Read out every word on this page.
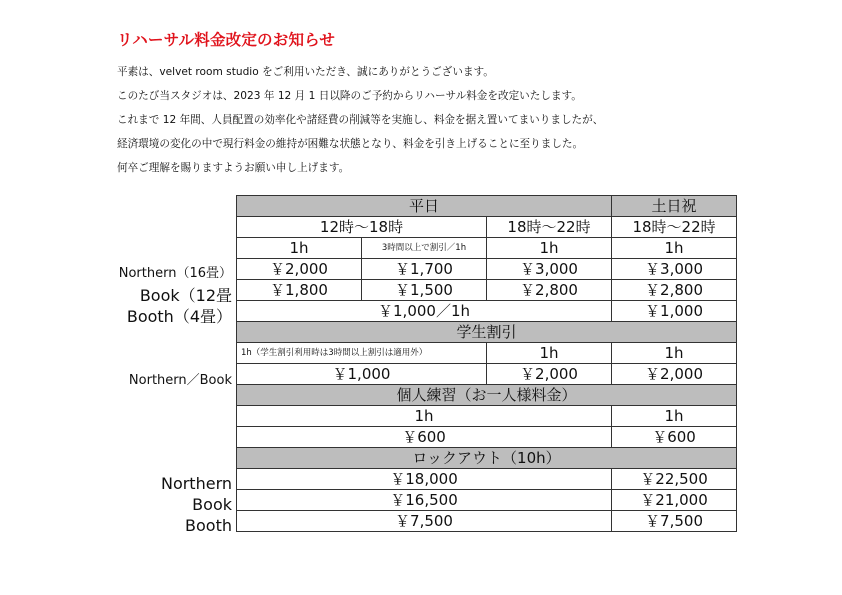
リハーサル料金改定のお知らせ
平素は、velvet room studio をご利用いただき、誠にありがとうございます。
このたび当スタジオは、2023 年 12 月 1 日以降のご予約からリハーサル料金を改定いたします。
これまで 12 年間、人員配置の効率化や諸経費の削減等を実施し、料金を据え置いてまいりましたが、
経済環境の変化の中で現行料金の維持が困難な状態となり、料金を引き上げることに至りました。
何卒ご理解を賜りますようお願い申し上げます。
Northern（16畳）
Book（12畳
Booth（4畳）
Northern／Book
Northern
Book
Booth
平日			土日祝
12時〜18時		18時〜22時	18時〜22時
1h	3時間以上で割引／1h	1h	1h
￥2,000	￥1,700	￥3,000	￥3,000
￥1,800	￥1,500	￥2,800	￥2,800
￥1,000／1h			￥1,000
学生割引			
1h（学生割引利用時は3時間以上割引は適用外）		1h	1h
￥1,000		￥2,000	￥2,000
個人練習（お一人様料金）			
1h			1h
￥600			￥600
ロックアウト（10h）			
￥18,000			￥22,500
￥16,500			￥21,000
￥7,500			￥7,500
